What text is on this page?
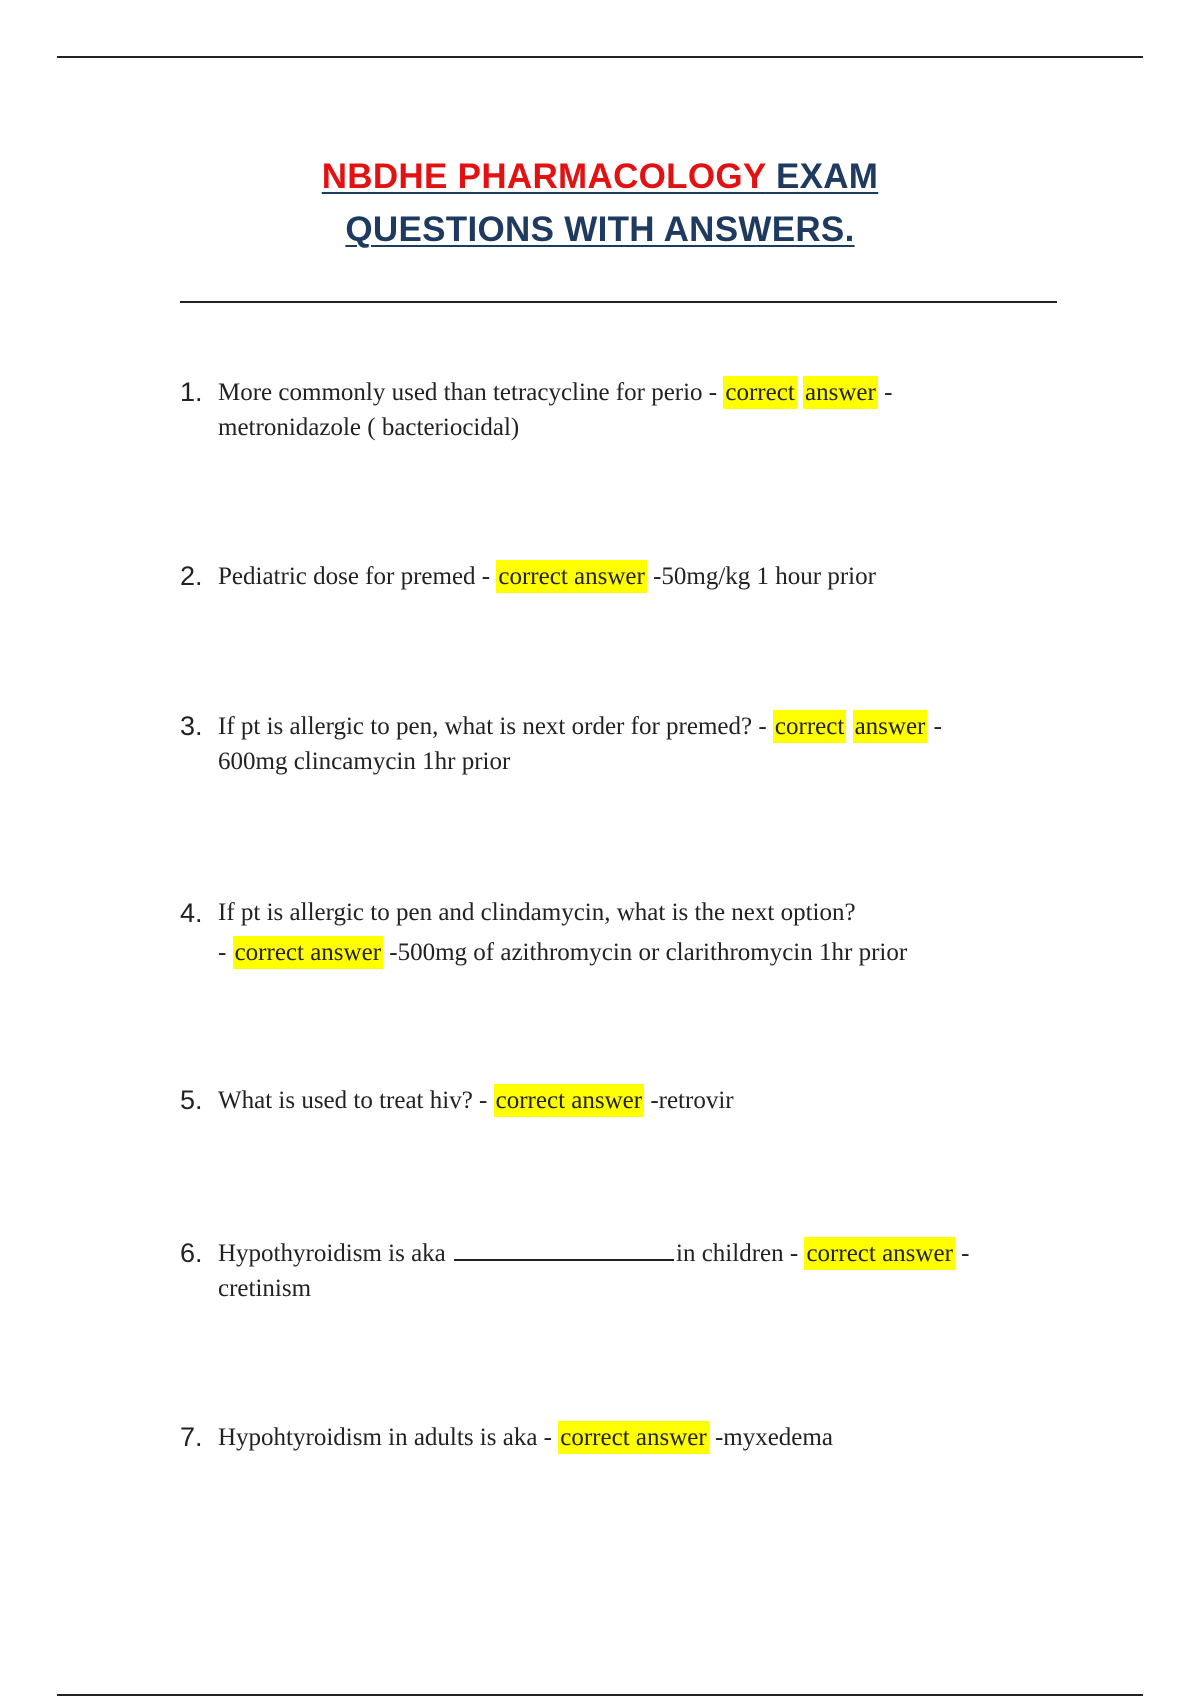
NBDHE PHARMACOLOGY EXAM
QUESTIONS WITH ANSWERS.
1. More commonly used than tetracycline for perio - correct answer -
metronidazole ( bacteriocidal)
2. Pediatric dose for premed - correct answer -50mg/kg 1 hour prior
3. If pt is allergic to pen, what is next order for premed? - correct answer -
600mg clincamycin 1hr prior
4. If pt is allergic to pen and clindamycin, what is the next option?
- correct answer -500mg of azithromycin or clarithromycin 1hr prior
5. What is used to treat hiv? - correct answer -retrovir
6. Hypothyroidism is aka	in children - correct answer -
cretinism
7. Hypohtyroidism in adults is aka - correct answer -myxedema
